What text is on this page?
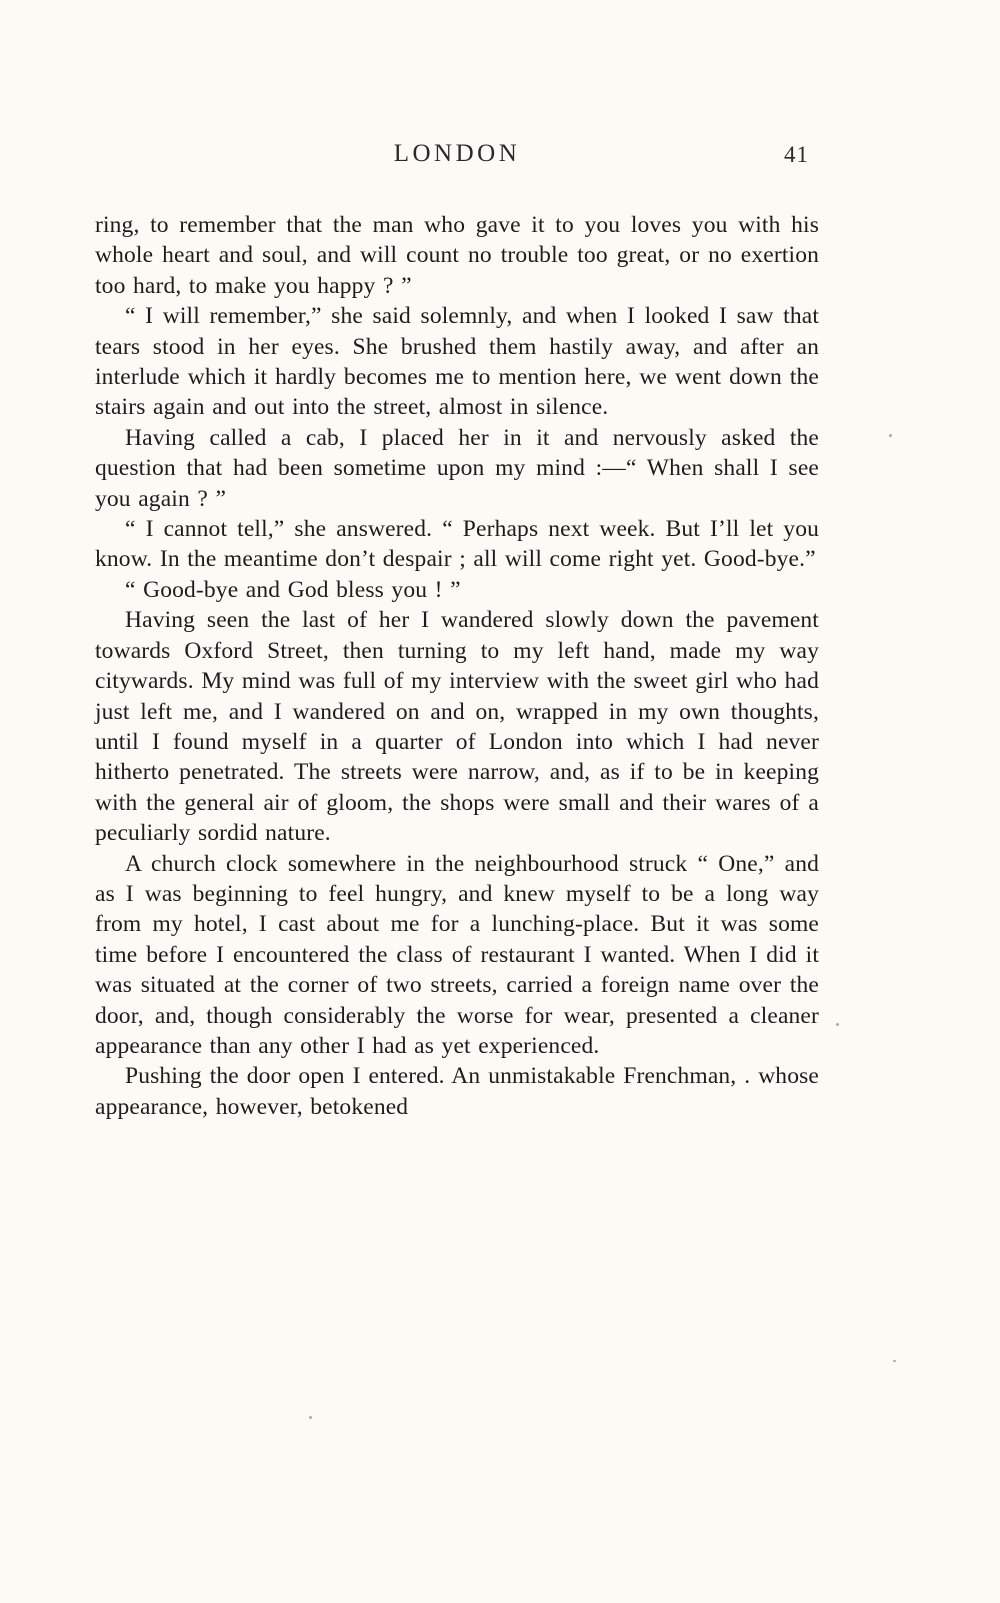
LONDON	41

ring, to remember that the man who gave it to you loves you with his whole heart and soul, and will count no trouble too great, or no exertion too hard, to make you happy ? ”

“ I will remember,” she said solemnly, and when I looked I saw that tears stood in her eyes. She brushed them hastily away, and after an interlude which it hardly becomes me to mention here, we went down the stairs again and out into the street, almost in silence.

Having called a cab, I placed her in it and nervously asked the question that had been sometime upon my mind :—“ When shall I see you again ? ”

“ I cannot tell,” she answered. “ Perhaps next week. But I’ll let you know. In the meantime don’t despair ; all will come right yet. Good-bye.”

“ Good-bye and God bless you ! ”

Having seen the last of her I wandered slowly down the pavement towards Oxford Street, then turning to my left hand, made my way citywards. My mind was full of my interview with the sweet girl who had just left me, and I wandered on and on, wrapped in my own thoughts, until I found myself in a quarter of London into which I had never hitherto penetrated. The streets were narrow, and, as if to be in keeping with the general air of gloom, the shops were small and their wares of a peculiarly sordid nature.

A church clock somewhere in the neighbourhood struck “ One,” and as I was beginning to feel hungry, and knew myself to be a long way from my hotel, I cast about me for a lunching-place. But it was some time before I encountered the class of restaurant I wanted. When I did it was situated at the corner of two streets, carried a foreign name over the door, and, though considerably the worse for wear, presented a cleaner appearance than any other I had as yet experienced.

Pushing the door open I entered. An unmistakable Frenchman, . whose appearance, however, betokened
